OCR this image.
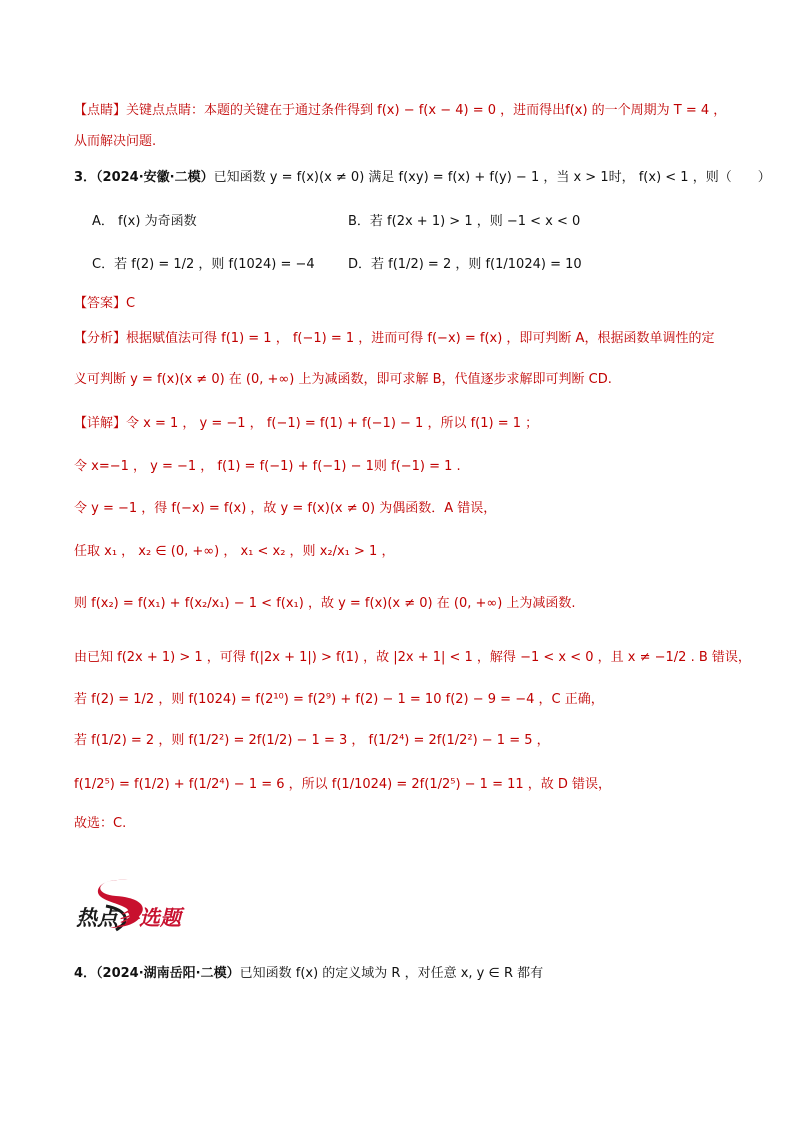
【点睛】关键点点睛：本题的关键在于通过条件得到 f(x) − f(x − 4) = 0 ，进而得出f(x) 的一个周期为 T = 4 ，
从而解决问题.
3．（2024·安徽·二模）已知函数 y = f(x)(x ≠ 0) 满足 f(xy) = f(x) + f(y) − 1 ，当 x > 1时， f(x) < 1 ，则（　　）
A． f(x) 为奇函数	B．若 f(2x + 1) > 1 ，则 −1 < x < 0
C．若 f(2) = 1/2 ，则 f(1024) = −4	D．若 f(1/2) = 2 ，则 f(1/1024) = 10
【答案】C
【分析】根据赋值法可得 f(1) = 1 ， f(−1) = 1 ，进而可得 f(−x) = f(x) ，即可判断 A，根据函数单调性的定
义可判断 y = f(x)(x ≠ 0) 在 (0, +∞) 上为减函数，即可求解 B，代值逐步求解即可判断 CD.
【详解】令 x = 1 ， y = −1 ， f(−1) = f(1) + f(−1) − 1 ，所以 f(1) = 1 ；
令 x=−1 ， y = −1 ， f(1) = f(−1) + f(−1) − 1则 f(−1) = 1 .
令 y = −1 ，得 f(−x) = f(x) ，故 y = f(x)(x ≠ 0) 为偶函数．A 错误，
任取 x₁ ， x₂ ∈ (0, +∞) ， x₁ < x₂ ，则 x₂/x₁ > 1 ，
则 f(x₂) = f(x₁) + f(x₂/x₁) − 1 < f(x₁) ，故 y = f(x)(x ≠ 0) 在 (0, +∞) 上为减函数.
由已知 f(2x + 1) > 1 ，可得 f(|2x + 1|) > f(1) ，故 |2x + 1| < 1 ，解得 −1 < x < 0 ，且 x ≠ −1/2 . B 错误，
若 f(2) = 1/2 ，则 f(1024) = f(2¹⁰) = f(2⁹) + f(2) − 1 = 10 f(2) − 9 = −4 ，C 正确，
若 f(1/2) = 2 ，则 f(1/2²) = 2f(1/2) − 1 = 3 ， f(1/2⁴) = 2f(1/2²) − 1 = 5 ，
f(1/2⁵) = f(1/2) + f(1/2⁴) − 1 = 6 ，所以 f(1/1024) = 2f(1/2⁵) − 1 = 11 ，故 D 错误，
故选：C.
热点多选题
4．（2024·湖南岳阳·二模）已知函数 f(x) 的定义域为 R ，对任意 x, y ∈ R 都有
